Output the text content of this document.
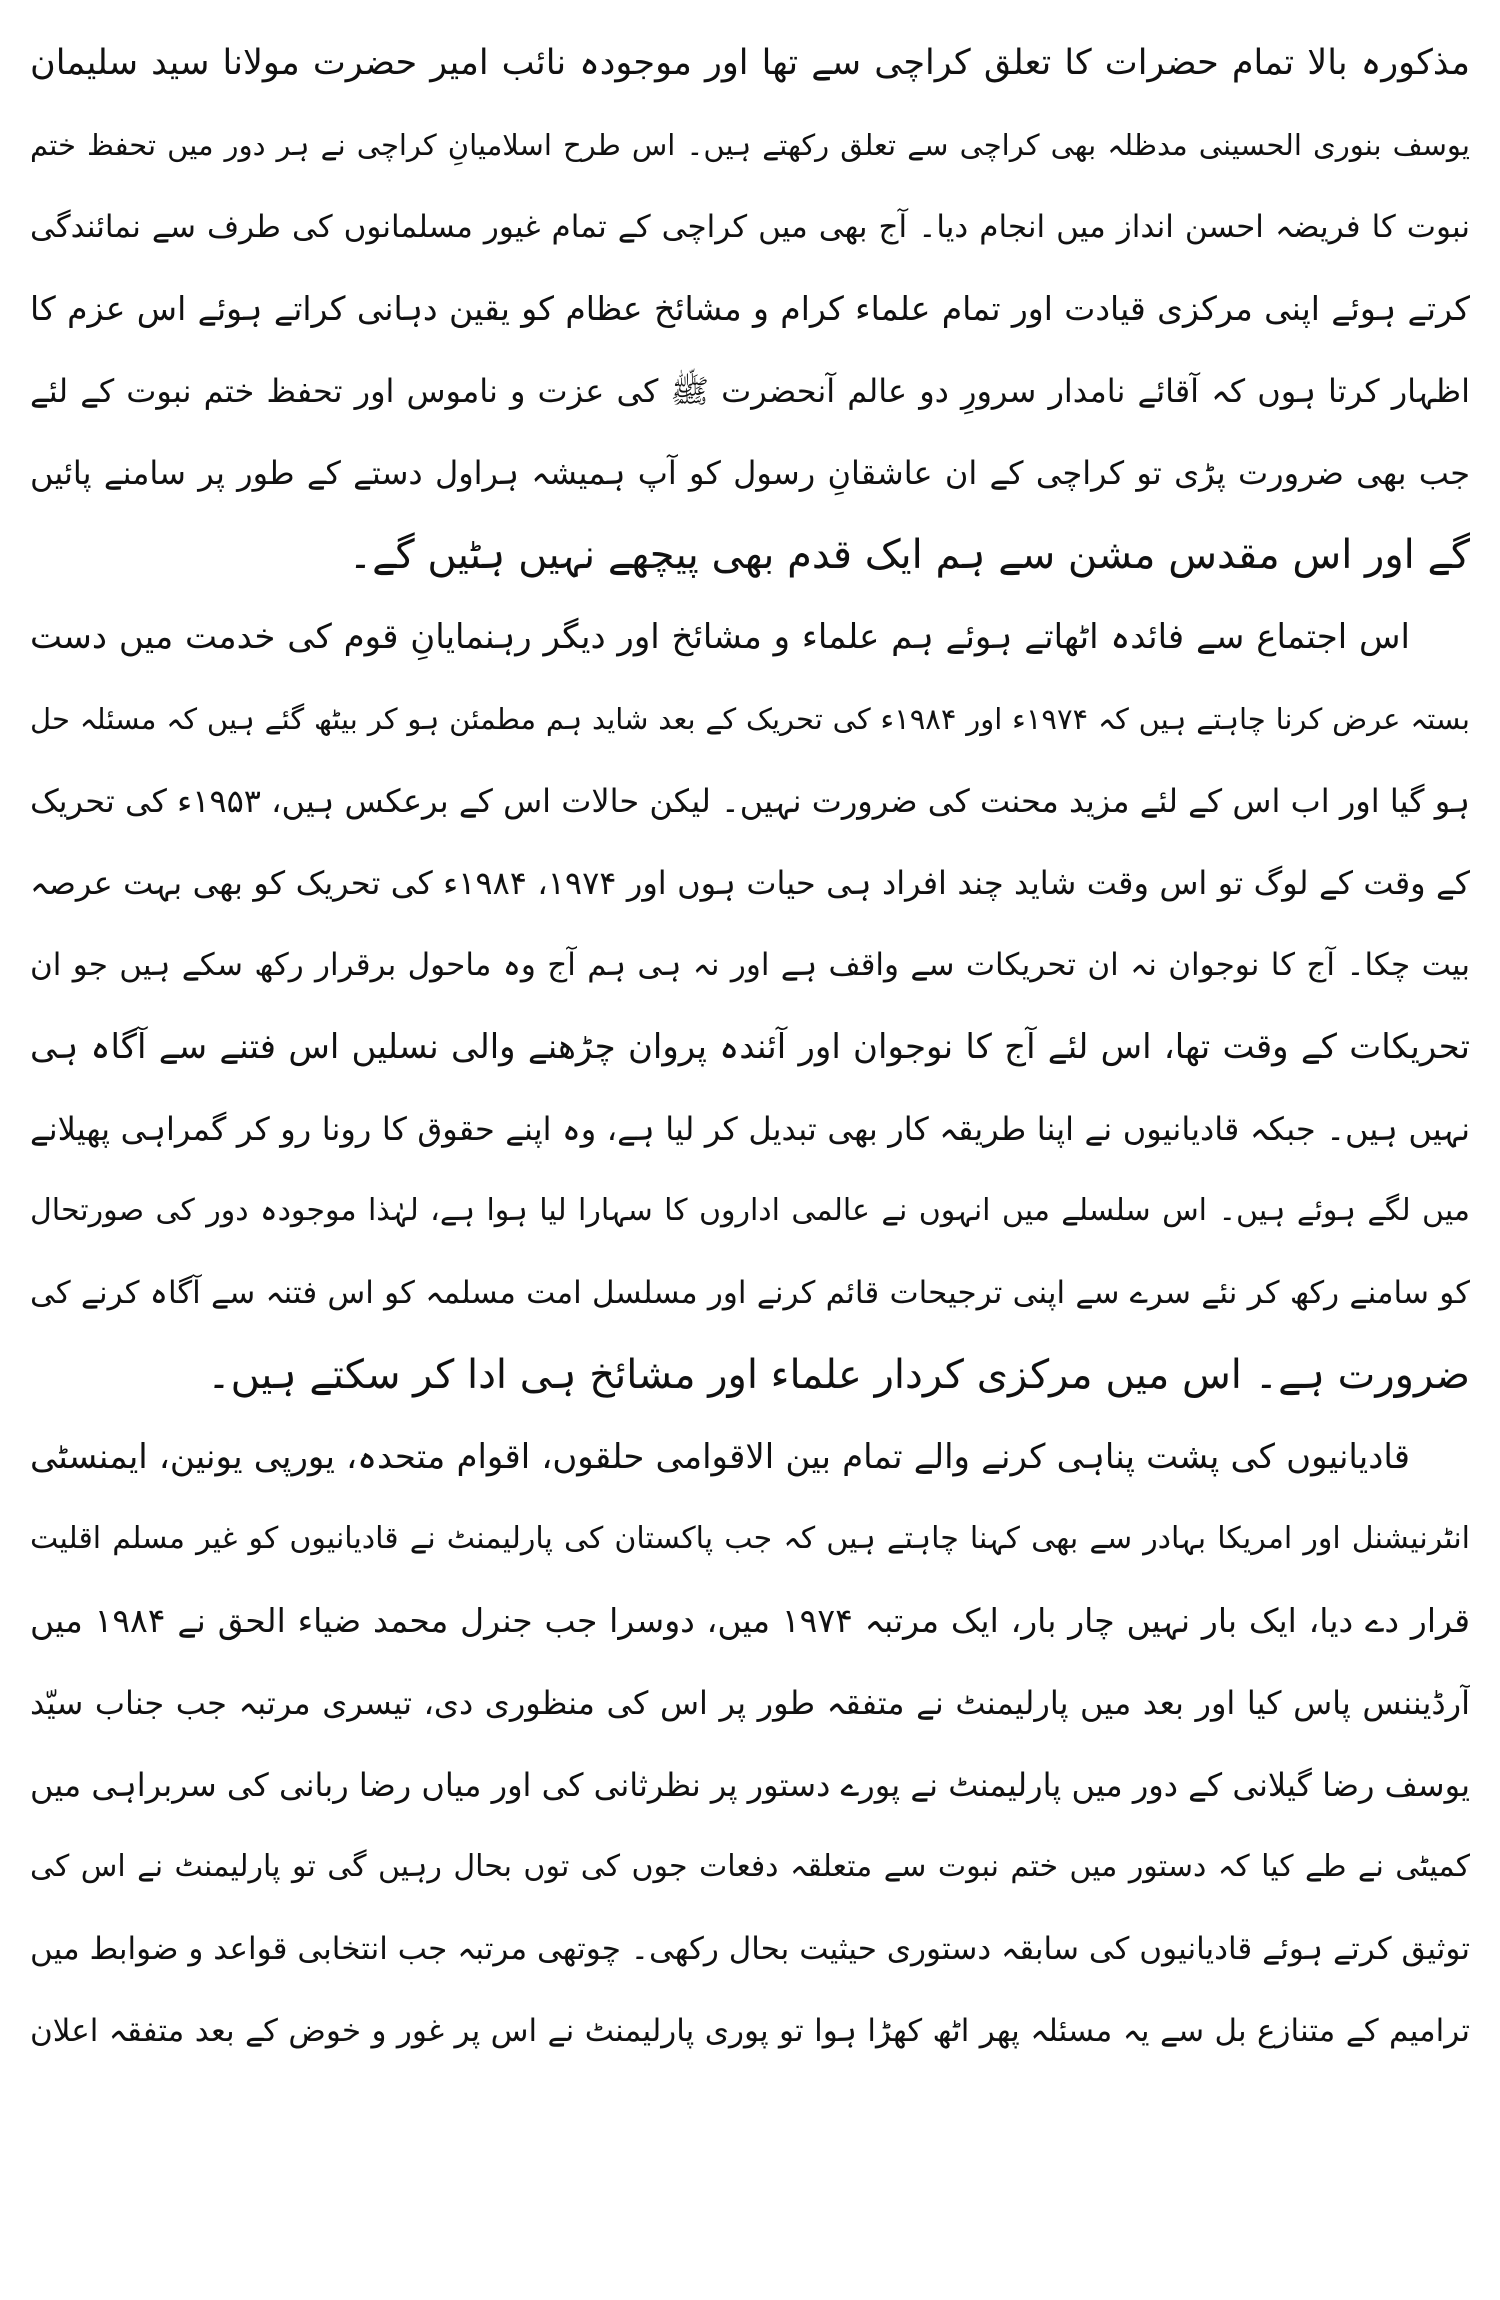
مذکورہ بالا تمام حضرات کا تعلق کراچی سے تھا اور موجودہ نائب امیر حضرت مولانا سید سلیمان
یوسف بنوری الحسینی مدظلہ بھی کراچی سے تعلق رکھتے ہیں۔ اس طرح اسلامیانِ کراچی نے ہر دور میں تحفظ ختم
نبوت کا فریضہ احسن انداز میں انجام دیا۔ آج بھی میں کراچی کے تمام غیور مسلمانوں کی طرف سے نمائندگی
کرتے ہوئے اپنی مرکزی قیادت اور تمام علماء کرام و مشائخ عظام کو یقین دہانی کراتے ہوئے اس عزم کا
اظہار کرتا ہوں کہ آقائے نامدار سرورِ دو عالم آنحضرت ﷺ کی عزت و ناموس اور تحفظ ختم نبوت کے لئے
جب بھی ضرورت پڑی تو کراچی کے ان عاشقانِ رسول کو آپ ہمیشہ ہراول دستے کے طور پر سامنے پائیں
گے اور اس مقدس مشن سے ہم ایک قدم بھی پیچھے نہیں ہٹیں گے۔
اس اجتماع سے فائدہ اٹھاتے ہوئے ہم علماء و مشائخ اور دیگر رہنمایانِ قوم کی خدمت میں دست
بستہ عرض کرنا چاہتے ہیں کہ ۱۹۷۴ء اور ۱۹۸۴ء کی تحریک کے بعد شاید ہم مطمئن ہو کر بیٹھ گئے ہیں کہ مسئلہ حل
ہو گیا اور اب اس کے لئے مزید محنت کی ضرورت نہیں۔ لیکن حالات اس کے برعکس ہیں، ۱۹۵۳ء کی تحریک
کے وقت کے لوگ تو اس وقت شاید چند افراد ہی حیات ہوں اور ۱۹۷۴، ۱۹۸۴ء کی تحریک کو بھی بہت عرصہ
بیت چکا۔ آج کا نوجوان نہ ان تحریکات سے واقف ہے اور نہ ہی ہم آج وہ ماحول برقرار رکھ سکے ہیں جو ان
تحریکات کے وقت تھا، اس لئے آج کا نوجوان اور آئندہ پروان چڑھنے والی نسلیں اس فتنے سے آگاہ ہی
نہیں ہیں۔ جبکہ قادیانیوں نے اپنا طریقہ کار بھی تبدیل کر لیا ہے، وہ اپنے حقوق کا رونا رو کر گمراہی پھیلانے
میں لگے ہوئے ہیں۔ اس سلسلے میں انہوں نے عالمی اداروں کا سہارا لیا ہوا ہے، لہٰذا موجودہ دور کی صورتحال
کو سامنے رکھ کر نئے سرے سے اپنی ترجیحات قائم کرنے اور مسلسل امت مسلمہ کو اس فتنہ سے آگاہ کرنے کی
ضرورت ہے۔ اس میں مرکزی کردار علماء اور مشائخ ہی ادا کر سکتے ہیں۔
قادیانیوں کی پشت پناہی کرنے والے تمام بین الاقوامی حلقوں، اقوام متحدہ، یورپی یونین، ایمنسٹی
انٹرنیشنل اور امریکا بہادر سے بھی کہنا چاہتے ہیں کہ جب پاکستان کی پارلیمنٹ نے قادیانیوں کو غیر مسلم اقلیت
قرار دے دیا، ایک بار نہیں چار بار، ایک مرتبہ ۱۹۷۴ میں، دوسرا جب جنرل محمد ضیاء الحق نے ۱۹۸۴ میں
آرڈیننس پاس کیا اور بعد میں پارلیمنٹ نے متفقہ طور پر اس کی منظوری دی، تیسری مرتبہ جب جناب سیّد
یوسف رضا گیلانی کے دور میں پارلیمنٹ نے پورے دستور پر نظرثانی کی اور میاں رضا ربانی کی سربراہی میں
کمیٹی نے طے کیا کہ دستور میں ختم نبوت سے متعلقہ دفعات جوں کی توں بحال رہیں گی تو پارلیمنٹ نے اس کی
توثیق کرتے ہوئے قادیانیوں کی سابقہ دستوری حیثیت بحال رکھی۔ چوتھی مرتبہ جب انتخابی قواعد و ضوابط میں
ترامیم کے متنازع بل سے یہ مسئلہ پھر اٹھ کھڑا ہوا تو پوری پارلیمنٹ نے اس پر غور و خوض کے بعد متفقہ اعلان
